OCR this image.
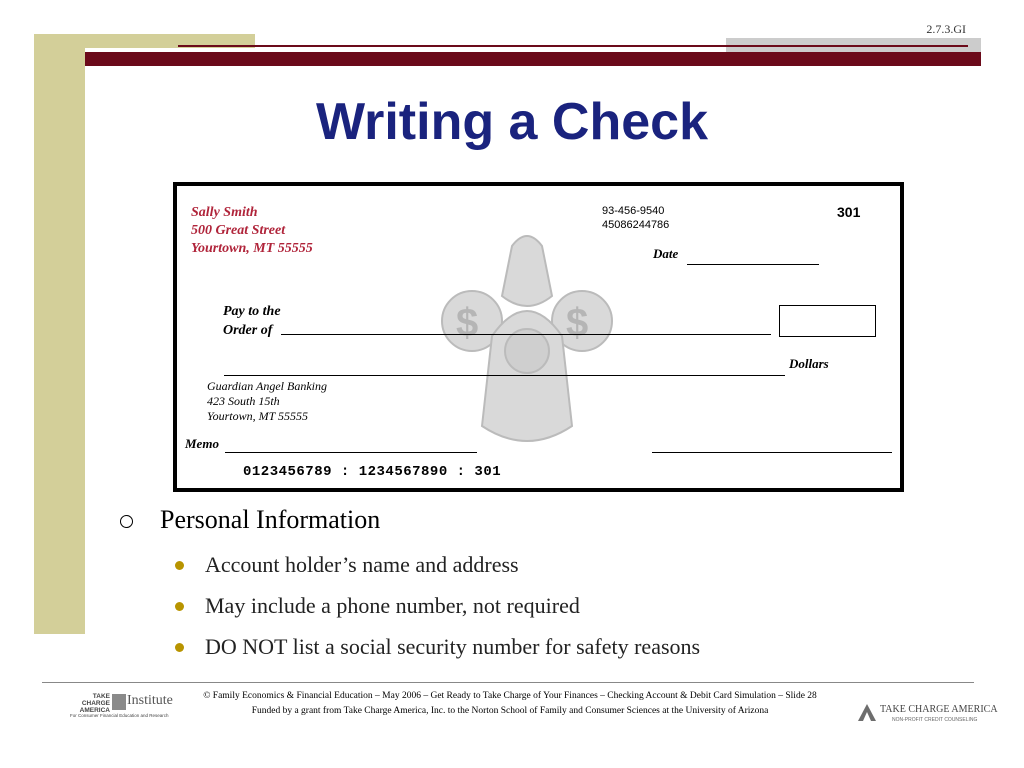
2.7.3.GI
Writing a Check
$ $
Sally Smith
500 Great Street
Yourtown, MT 55555
93-456-9540
45086244786
301
Date
Pay to the
Order of
Dollars
Guardian Angel Banking
423 South 15th
Yourtown, MT 55555
Memo
0123456789 : 1234567890 : 301
Personal Information
Account holder’s name and address
May include a phone number, not required
DO NOT list a social security number for safety reasons
TAKE
CHARGE
AMERICA
Institute
For Consumer Financial Education and Research
© Family Economics & Financial Education – May 2006 – Get Ready to Take Charge of Your Finances – Checking Account & Debit Card Simulation – Slide 28
Funded by a grant from Take Charge America, Inc. to the Norton School of Family and Consumer Sciences at the University of Arizona	TAKE CHARGE AMERICA
NON-PROFIT CREDIT COUNSELING
